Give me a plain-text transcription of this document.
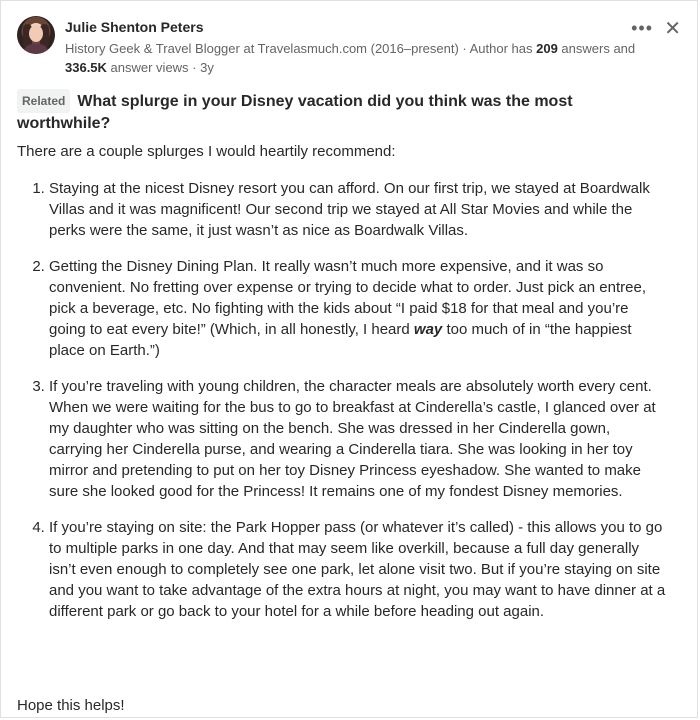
Julie Shenton Peters
History Geek & Travel Blogger at Travelasmuch.com (2016–present) · Author has 209 answers and
336.5K answer views · 3y
••• ✕
Related What splurge in your Disney vacation did you think was the most worthwhile?

There are a couple splurges I would heartily recommend:

1. Staying at the nicest Disney resort you can afford. On our first trip, we stayed at Boardwalk Villas and it was magnificent! Our second trip we stayed at All Star Movies and while the perks were the same, it just wasn’t as nice as Boardwalk Villas.
2. Getting the Disney Dining Plan. It really wasn’t much more expensive, and it was so convenient. No fretting over expense or trying to decide what to order. Just pick an entree, pick a beverage, etc. No fighting with the kids about “I paid $18 for that meal and you’re going to eat every bite!” (Which, in all honestly, I heard way too much of in “the happiest place on Earth.”)
3. If you’re traveling with young children, the character meals are absolutely worth every cent. When we were waiting for the bus to go to breakfast at Cinderella’s castle, I glanced over at my daughter who was sitting on the bench. She was dressed in her Cinderella gown, carrying her Cinderella purse, and wearing a Cinderella tiara. She was looking in her toy mirror and pretending to put on her toy Disney Princess eyeshadow. She wanted to make sure she looked good for the Princess! It remains one of my fondest Disney memories.
4. If you’re staying on site: the Park Hopper pass (or whatever it’s called) - this allows you to go to multiple parks in one day. And that may seem like overkill, because a full day generally isn’t even enough to completely see one park, let alone visit two. But if you’re staying on site and you want to take advantage of the extra hours at night, you may want to have dinner at a different park or go back to your hotel for a while before heading out again.
Hope this helps!
